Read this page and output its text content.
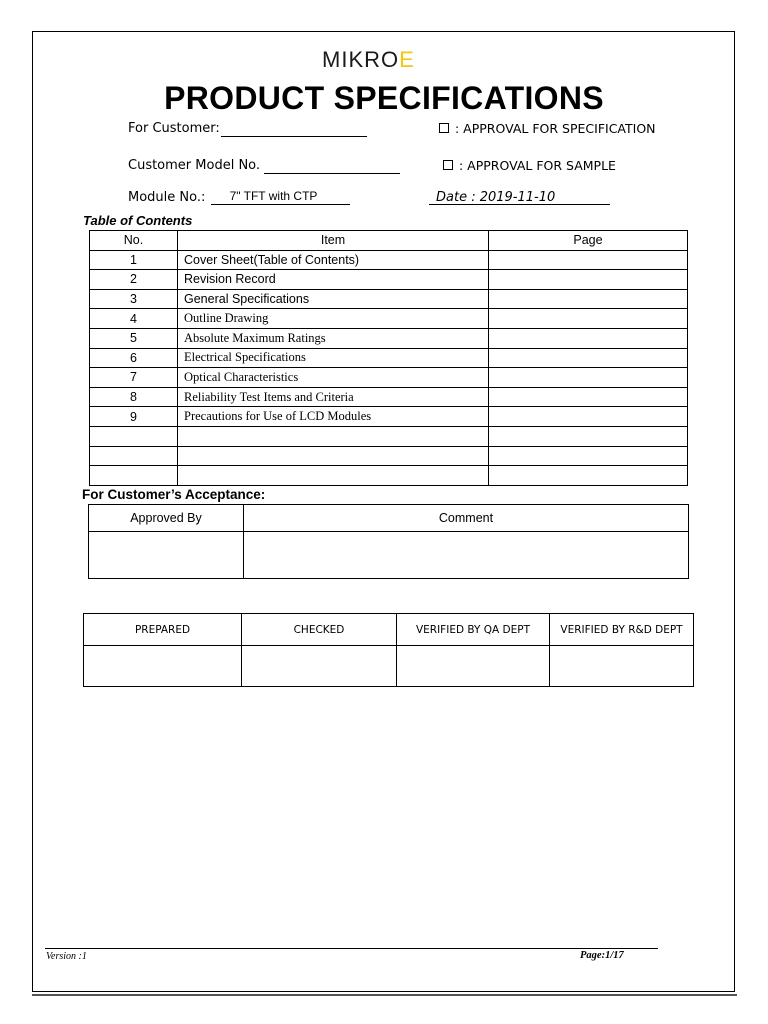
MIKROE
PRODUCT SPECIFICATIONS
For Customer:	: APPROVAL FOR SPECIFICATION
Customer Model No.	: APPROVAL FOR SAMPLE
Module No.:	7" TFT with CTP	Date : 2019-11-10
Table of Contents
No.	Item	Page
1	Cover Sheet(Table of Contents)	
2	Revision Record	
3	General Specifications	
4	Outline Drawing	
5	Absolute Maximum Ratings	
6	Electrical Specifications	
7	Optical Characteristics	
8	Reliability Test Items and Criteria	
9	Precautions for Use of LCD Modules	

For Customer’s Acceptance:
Approved By	Comment

PREPARED	CHECKED	VERIFIED BY QA DEPT	VERIFIED BY R&D DEPT

Version :1	Page:1/17
